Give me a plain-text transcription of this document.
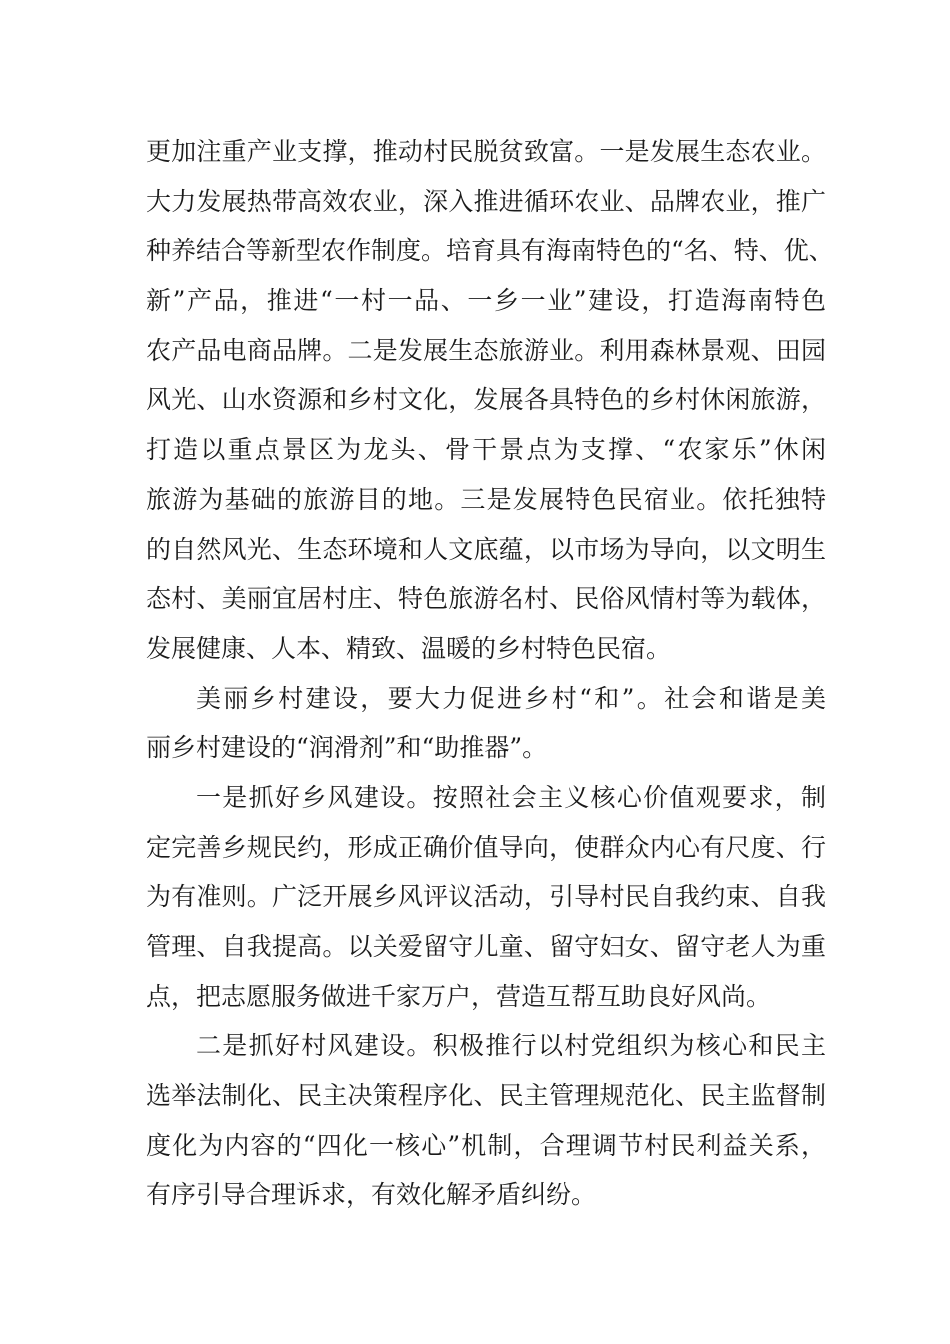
更加注重产业支撑，推动村民脱贫致富。一是发展生态农业。
大力发展热带高效农业，深入推进循环农业、品牌农业，推广
种养结合等新型农作制度。培育具有海南特色的“名、特、优、
新”产品，推进“一村一品、一乡一业”建设，打造海南特色
农产品电商品牌。二是发展生态旅游业。利用森林景观、田园
风光、山水资源和乡村文化，发展各具特色的乡村休闲旅游，
打造以重点景区为龙头、骨干景点为支撑、“农家乐”休闲
旅游为基础的旅游目的地。三是发展特色民宿业。依托独特
的自然风光、生态环境和人文底蕴，以市场为导向，以文明生
态村、美丽宜居村庄、特色旅游名村、民俗风情村等为载体，
发展健康、人本、精致、温暖的乡村特色民宿。

美丽乡村建设，要大力促进乡村“和”。社会和谐是美
丽乡村建设的“润滑剂”和“助推器”。

一是抓好乡风建设。按照社会主义核心价值观要求，制
定完善乡规民约，形成正确价值导向，使群众内心有尺度、行
为有准则。广泛开展乡风评议活动，引导村民自我约束、自我
管理、自我提高。以关爱留守儿童、留守妇女、留守老人为重
点，把志愿服务做进千家万户，营造互帮互助良好风尚。

二是抓好村风建设。积极推行以村党组织为核心和民主
选举法制化、民主决策程序化、民主管理规范化、民主监督制
度化为内容的“四化一核心”机制，合理调节村民利益关系，
有序引导合理诉求，有效化解矛盾纠纷。
